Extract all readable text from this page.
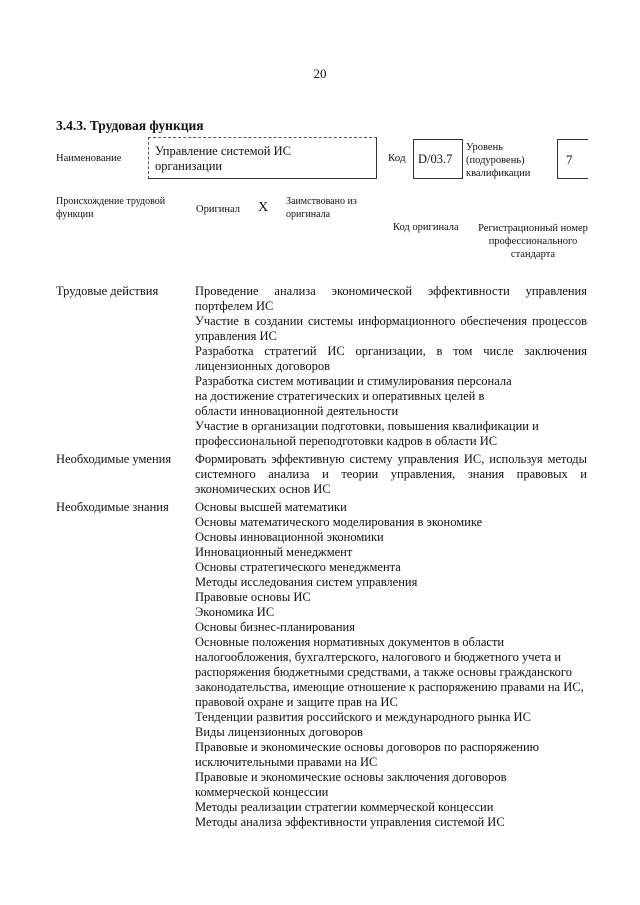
20
3.4.3. Трудовая функция
Наименование
Управление системой ИС организации
Код D/03.7
Уровень (подуровень) квалификации
7
Происхождение трудовой функции	Оригинал X Заимствовано из оригинала
Код оригинала	Регистрационный номер профессионального стандарта
Трудовые действия	Проведение анализа экономической эффективности управления портфелем ИС
Участие в создании системы информационного обеспечения процессов управления ИС
Разработка стратегий ИС организации, в том числе заключения лицензионных договоров
Разработка систем мотивации и стимулирования персонала на достижение стратегических и оперативных целей в области инновационной деятельности
Участие в организации подготовки, повышения квалификации и профессиональной переподготовки кадров в области ИС
Необходимые умения	Формировать эффективную систему управления ИС, используя методы системного анализа и теории управления, знания правовых и экономических основ ИС
Необходимые знания	Основы высшей математики
Основы математического моделирования в экономике
Основы инновационной экономики
Инновационный менеджмент
Основы стратегического менеджмента
Методы исследования систем управления
Правовые основы ИС
Экономика ИС
Основы бизнес-планирования
Основные положения нормативных документов в области налогообложения, бухгалтерского, налогового и бюджетного учета и распоряжения бюджетными средствами, а также основы гражданского законодательства, имеющие отношение к распоряжению правами на ИС, правовой охране и защите прав на ИС
Тенденции развития российского и международного рынка ИС
Виды лицензионных договоров
Правовые и экономические основы договоров по распоряжению исключительными правами на ИС
Правовые и экономические основы заключения договоров коммерческой концессии
Методы реализации стратегии коммерческой концессии
Методы анализа эффективности управления системой ИС
